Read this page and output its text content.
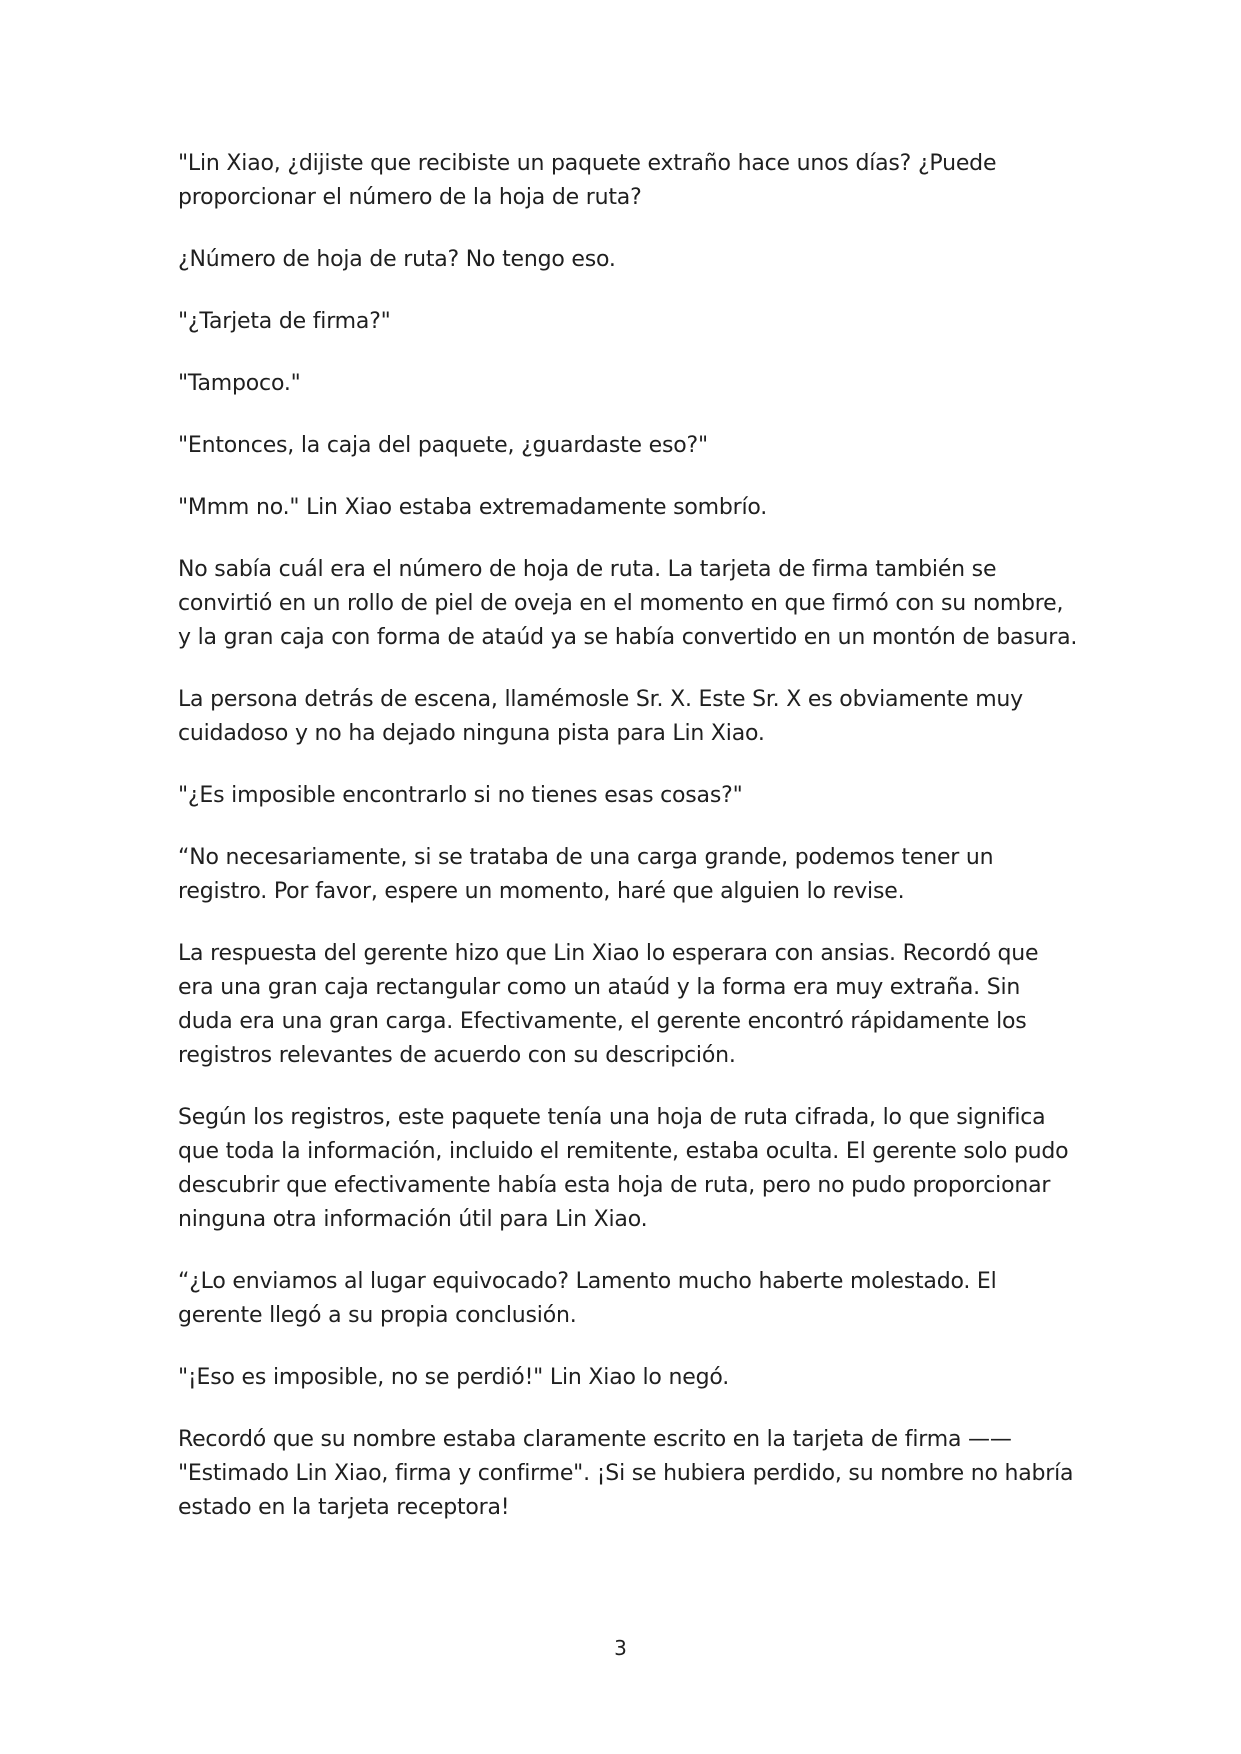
"Lin Xiao, ¿dijiste que recibiste un paquete extraño hace unos días? ¿Puede proporcionar el número de la hoja de ruta?

¿Número de hoja de ruta? No tengo eso.

"¿Tarjeta de firma?"

"Tampoco."

"Entonces, la caja del paquete, ¿guardaste eso?"

"Mmm no." Lin Xiao estaba extremadamente sombrío.

No sabía cuál era el número de hoja de ruta. La tarjeta de firma también se convirtió en un rollo de piel de oveja en el momento en que firmó con su nombre, y la gran caja con forma de ataúd ya se había convertido en un montón de basura.

La persona detrás de escena, llamémosle Sr. X. Este Sr. X es obviamente muy cuidadoso y no ha dejado ninguna pista para Lin Xiao.

"¿Es imposible encontrarlo si no tienes esas cosas?"

“No necesariamente, si se trataba de una carga grande, podemos tener un registro. Por favor, espere un momento, haré que alguien lo revise.

La respuesta del gerente hizo que Lin Xiao lo esperara con ansias. Recordó que era una gran caja rectangular como un ataúd y la forma era muy extraña. Sin duda era una gran carga. Efectivamente, el gerente encontró rápidamente los registros relevantes de acuerdo con su descripción.

Según los registros, este paquete tenía una hoja de ruta cifrada, lo que significa que toda la información, incluido el remitente, estaba oculta. El gerente solo pudo descubrir que efectivamente había esta hoja de ruta, pero no pudo proporcionar ninguna otra información útil para Lin Xiao.

“¿Lo enviamos al lugar equivocado? Lamento mucho haberte molestado. El gerente llegó a su propia conclusión.

"¡Eso es imposible, no se perdió!" Lin Xiao lo negó.

Recordó que su nombre estaba claramente escrito en la tarjeta de firma —— "Estimado Lin Xiao, firma y confirme". ¡Si se hubiera perdido, su nombre no habría estado en la tarjeta receptora!

3
